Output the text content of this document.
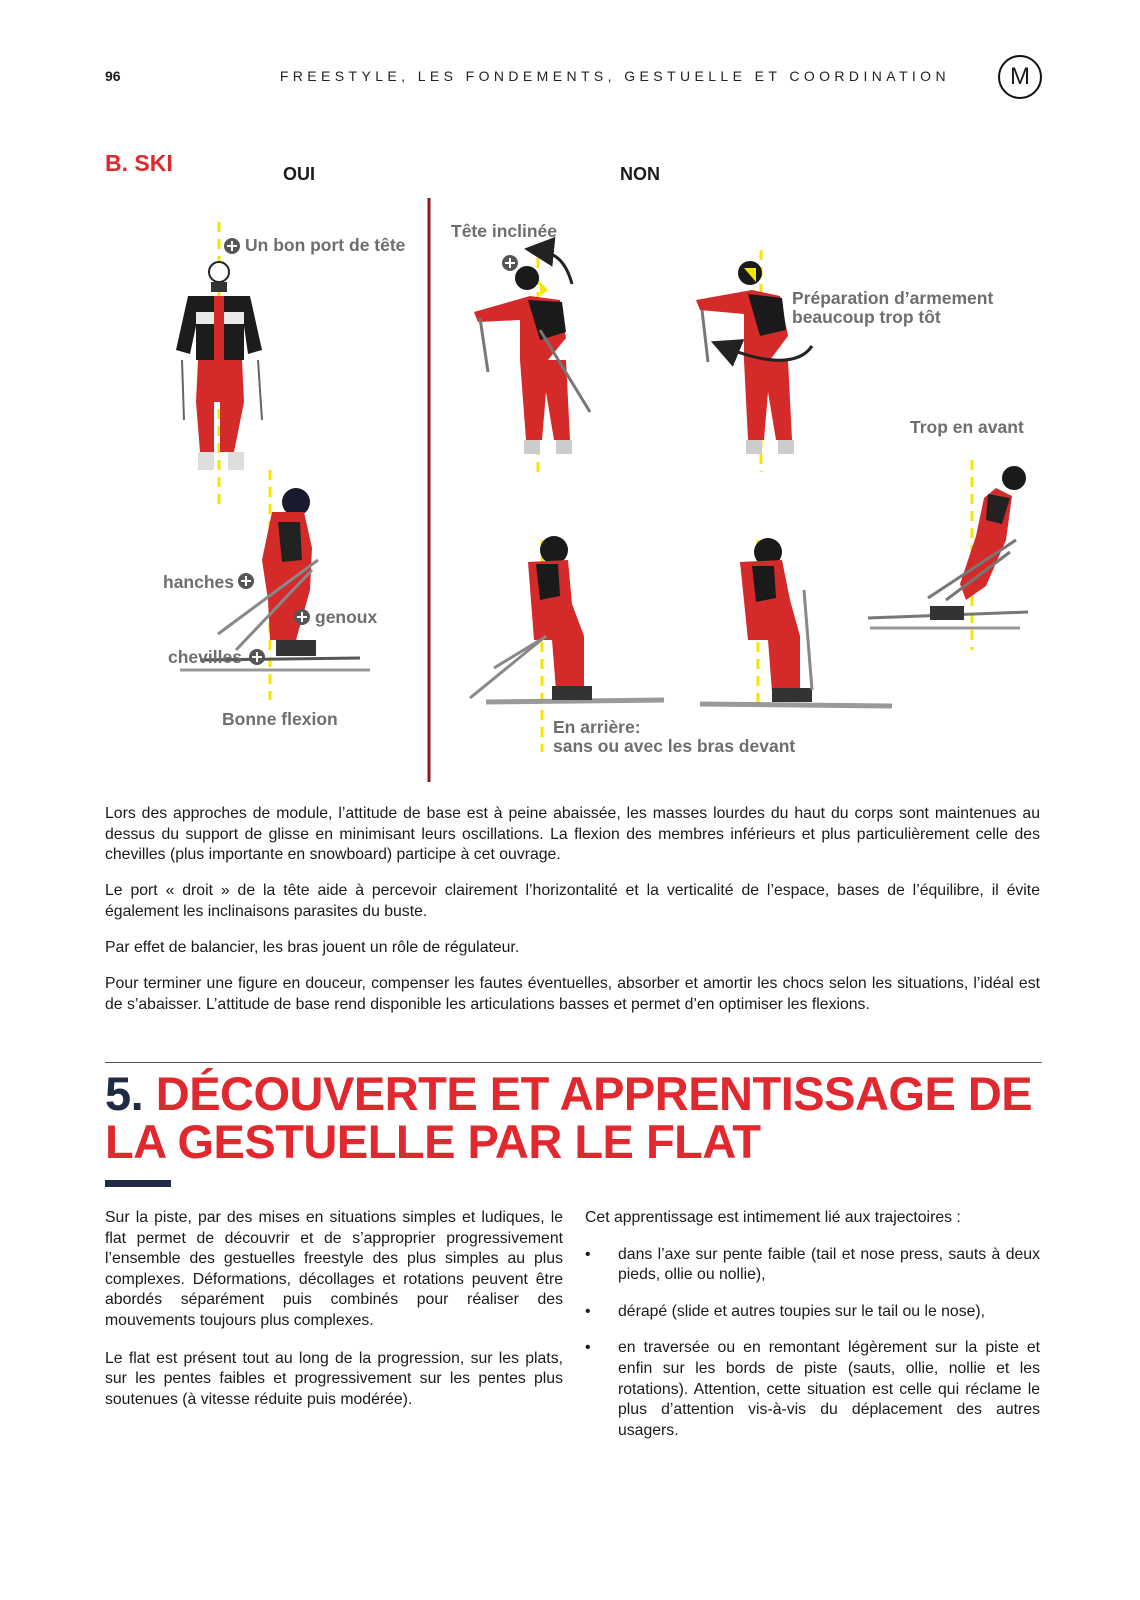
96	FREESTYLE, LES FONDEMENTS, GESTUELLE ET COORDINATION	M
B. SKI	OUI	NON
Un bon port de tête
hanches
genoux
chevilles
Bonne flexion
Tête inclinée
Préparation d’armement
beaucoup trop tôt
Trop en avant
En arrière:
sans ou avec les bras devant

Lors des approches de module, l’attitude de base est à peine abaissée, les masses lourdes du haut du corps sont maintenues au dessus du support de glisse en minimisant leurs oscillations. La flexion des membres inférieurs et plus particulièrement celle des chevilles (plus importante en snowboard) participe à cet ouvrage.

Le port « droit » de la tête aide à percevoir clairement l’horizontalité et la verticalité de l’espace, bases de l’équilibre, il évite également les inclinaisons parasites du buste.

Par effet de balancier, les bras jouent un rôle de régulateur.

Pour terminer une figure en douceur, compenser les fautes éventuelles, absorber et amortir les chocs selon les situations, l’idéal est de s’abaisser. L’attitude de base rend disponible les articulations basses et permet d’en optimiser les flexions.

5. DÉCOUVERTE ET APPRENTISSAGE DE
LA GESTUELLE PAR LE FLAT

Sur la piste, par des mises en situations simples et ludiques, le flat permet de découvrir et de s’approprier progressivement l’ensemble des gestuelles freestyle des plus simples au plus complexes. Déformations, décollages et rotations peuvent être abordés séparément puis combinés pour réaliser des mouvements toujours plus complexes.

Le flat est présent tout au long de la progression, sur les plats, sur les pentes faibles et progressivement sur les pentes plus soutenues (à vitesse réduite puis modérée).

Cet apprentissage est intimement lié aux trajectoires :

• dans l’axe sur pente faible (tail et nose press, sauts à deux pieds, ollie ou nollie),
• dérapé (slide et autres toupies sur le tail ou le nose),
• en traversée ou en remontant légèrement sur la piste et enfin sur les bords de piste (sauts, ollie, nollie et les rotations). Attention, cette situation est celle qui réclame le plus d’attention vis-à-vis du déplacement des autres usagers.
